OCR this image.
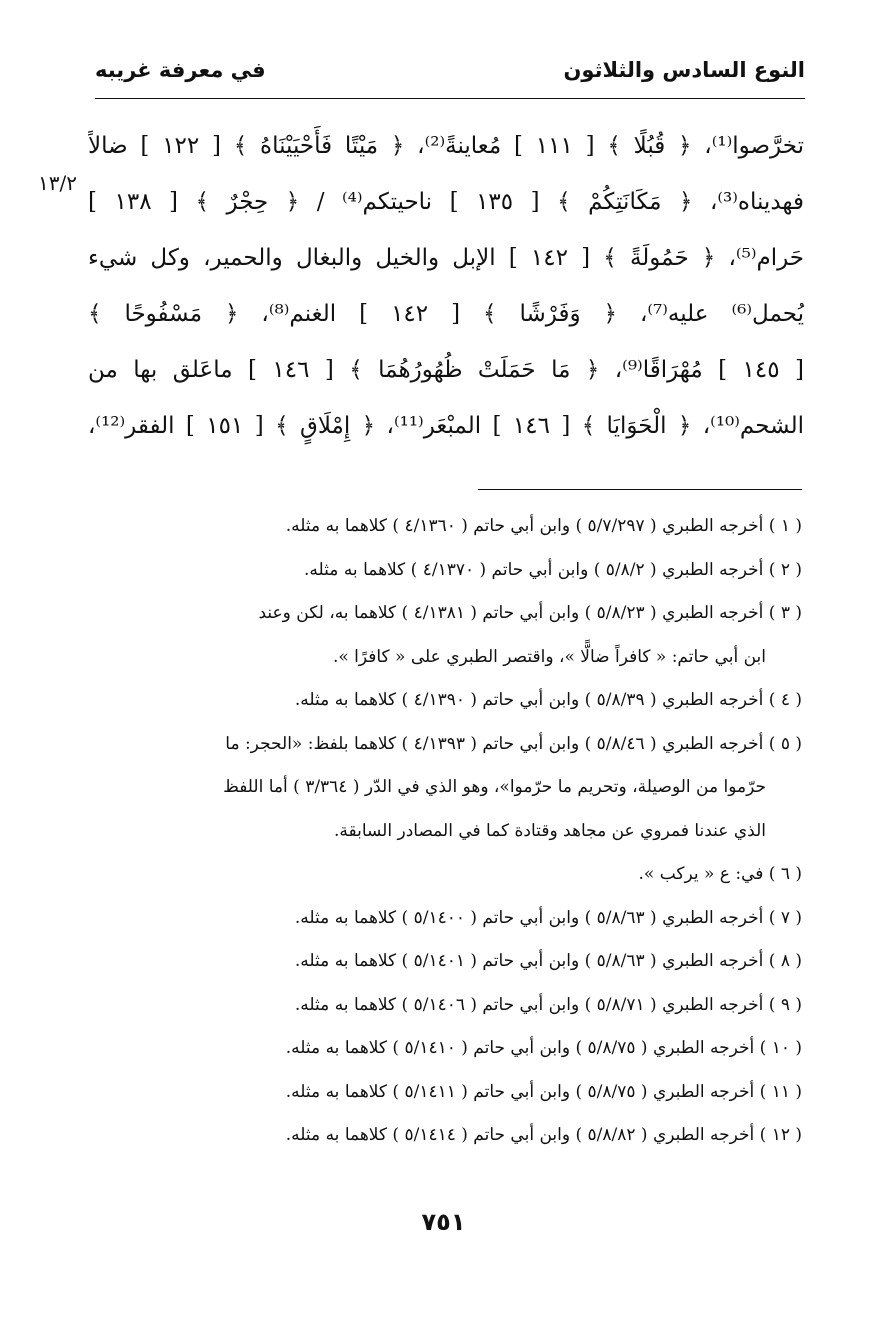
النوع السادس والثلاثون
في معرفة غريبه
١٣/٢
تخرَّصوا⁽¹⁾، ﴿ قُبُلًا ﴾ [ ١١١ ] مُعاينةً⁽²⁾، ﴿ مَيْتًا فَأَحْيَيْنَاهُ ﴾ [ ١٢٢ ] ضالاً
فهديناه⁽³⁾، ﴿ مَكَانَتِكُمْ ﴾ [ ١٣٥ ] ناحيتكم⁽⁴⁾ / ﴿ حِجْرٌ ﴾ [ ١٣٨ ]
حَرام⁽⁵⁾، ﴿ حَمُولَةً ﴾ [ ١٤٢ ] الإبل والخيل والبغال والحمير، وكل شيء
يُحمل⁽⁶⁾ عليه⁽⁷⁾، ﴿ وَفَرْشًا ﴾ [ ١٤٢ ] الغنم⁽⁸⁾، ﴿ مَسْفُوحًا ﴾
[ ١٤٥ ] مُهْرَاقًا⁽⁹⁾، ﴿ مَا حَمَلَتْ ظُهُورُهُمَا ﴾ [ ١٤٦ ] ماعَلق بها من
الشحم⁽¹⁰⁾، ﴿ الْحَوَايَا ﴾ [ ١٤٦ ] المبْعَر⁽¹¹⁾، ﴿ إِمْلَاقٍ ﴾ [ ١٥١ ] الفقر⁽¹²⁾،
( ١ ) أخرجه الطبري ( ٥/٧/٢٩٧ ) وابن أبي حاتم ( ٤/١٣٦٠ ) كلاهما به مثله.
( ٢ ) أخرجه الطبري ( ٥/٨/٢ ) وابن أبي حاتم ( ٤/١٣٧٠ ) كلاهما به مثله.
( ٣ ) أخرجه الطبري ( ٥/٨/٢٣ ) وابن أبي حاتم ( ٤/١٣٨١ ) كلاهما به، لكن وعند
ابن أبي حاتم: « كافراً ضالًّا »، واقتصر الطبري على « كافرًا ».
( ٤ ) أخرجه الطبري ( ٥/٨/٣٩ ) وابن أبي حاتم ( ٤/١٣٩٠ ) كلاهما به مثله.
( ٥ ) أخرجه الطبري ( ٥/٨/٤٦ ) وابن أبي حاتم ( ٤/١٣٩٣ ) كلاهما بلفظ: «الحجر: ما
حرّموا من الوصيلة، وتحريم ما حرّموا»، وهو الذي في الدّر ( ٣/٣٦٤ ) أما اللفظ
الذي عندنا فمروي عن مجاهد وقتادة كما في المصادر السابقة.
( ٦ ) في: ع « يركب ».
( ٧ ) أخرجه الطبري ( ٥/٨/٦٣ ) وابن أبي حاتم ( ٥/١٤٠٠ ) كلاهما به مثله.
( ٨ ) أخرجه الطبري ( ٥/٨/٦٣ ) وابن أبي حاتم ( ٥/١٤٠١ ) كلاهما به مثله.
( ٩ ) أخرجه الطبري ( ٥/٨/٧١ ) وابن أبي حاتم ( ٥/١٤٠٦ ) كلاهما به مثله.
( ١٠ ) أخرجه الطبري ( ٥/٨/٧٥ ) وابن أبي حاتم ( ٥/١٤١٠ ) كلاهما به مثله.
( ١١ ) أخرجه الطبري ( ٥/٨/٧٥ ) وابن أبي حاتم ( ٥/١٤١١ ) كلاهما به مثله.
( ١٢ ) أخرجه الطبري ( ٥/٨/٨٢ ) وابن أبي حاتم ( ٥/١٤١٤ ) كلاهما به مثله.
٧٥١
